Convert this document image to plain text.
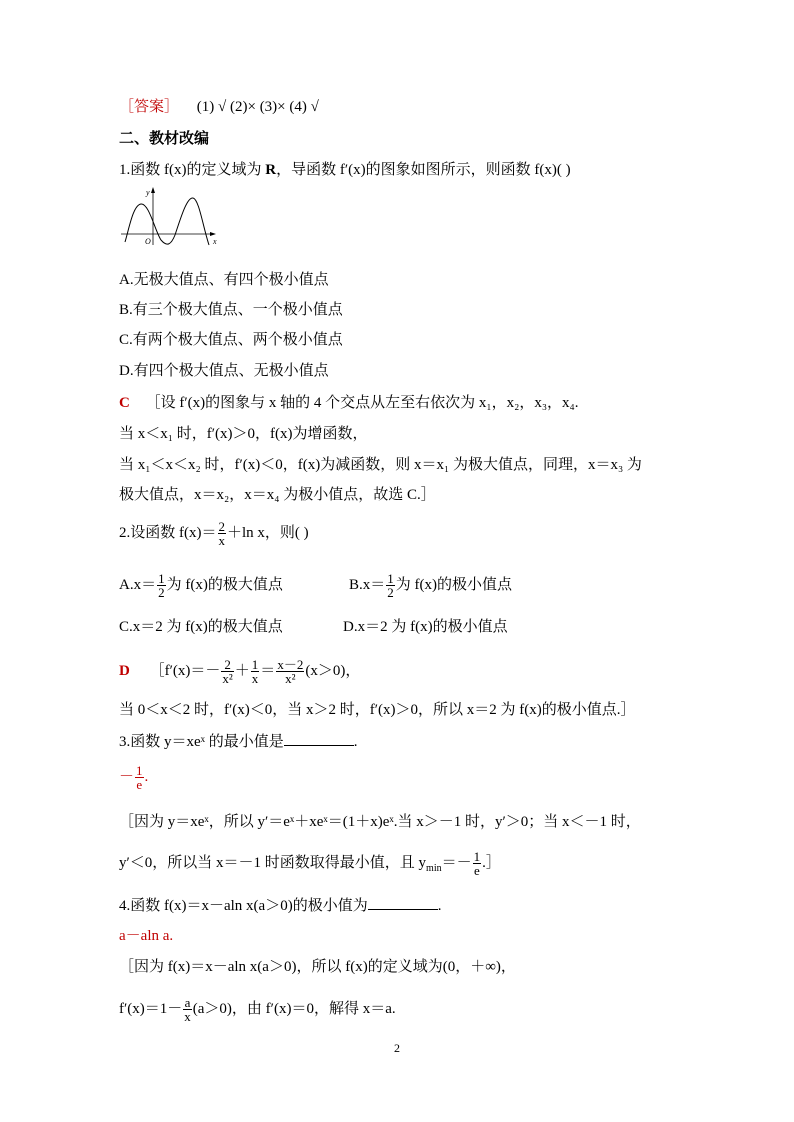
［答案］ (1) √ (2)× (3)× (4) √
二、教材改编
1.函数 f(x)的定义域为 R，导函数 f′(x)的图象如图所示，则函数 f(x)( )
y
x
O
A.无极大值点、有四个极小值点
B.有三个极大值点、一个极小值点
C.有两个极大值点、两个极小值点
D.有四个极大值点、无极小值点
C ［设 f′(x)的图象与 x 轴的 4 个交点从左至右依次为 x₁，x₂，x₃，x₄.
当 x＜x₁ 时，f′(x)＞0，f(x)为增函数，
当 x₁＜x＜x₂ 时，f′(x)＜0，f(x)为减函数，则 x＝x₁ 为极大值点，同理，x＝x₃ 为
极大值点，x＝x₂，x＝x₄ 为极小值点，故选 C.］
2.设函数 $f(x)= \frac{2}{x} +\ln$ x，则( )
$A.x= \frac{1}{2}$ 为 f(x)的极大值点	$B.x= \frac{1}{2}$ 为 f(x)的极小值点
C.x＝2 为 f(x)的极大值点	D.x＝2 为 f(x)的极小值点
D ［f′(x)＝－ $\frac{2}{\text{x²}} + \frac{1}{x} = \frac{x-2}{\text{x²}} (x>0)$，
当 0＜x＜2 时，f′(x)＜0，当 x＞2 时，f′(x)＞0，所以 x＝2 为 f(x)的极小值点.］
3.函数 y＝xeˣ 的最小值是	.
－ $\frac{1}{e}$ .
［因为 y＝xeˣ，所以 y′＝eˣ＋xeˣ＝(1＋x)eˣ.当 x＞－1 时，y′＞0；当 x＜－1 时，
y′＜0，所以当 x＝－1 时函数取得最小值，且 $y_{min}=- \frac{1}{e}$ .］
4.函数 f(x)＝x－aln x(a＞0)的极小值为	.
a－aln a.
［因为 f(x)＝x－aln x(a＞0)，所以 f(x)的定义域为(0，＋∞)，
$f'(x)=1- \frac{a}{x} (a>0)$，由 f′(x)＝0，解得 x＝a.
2
